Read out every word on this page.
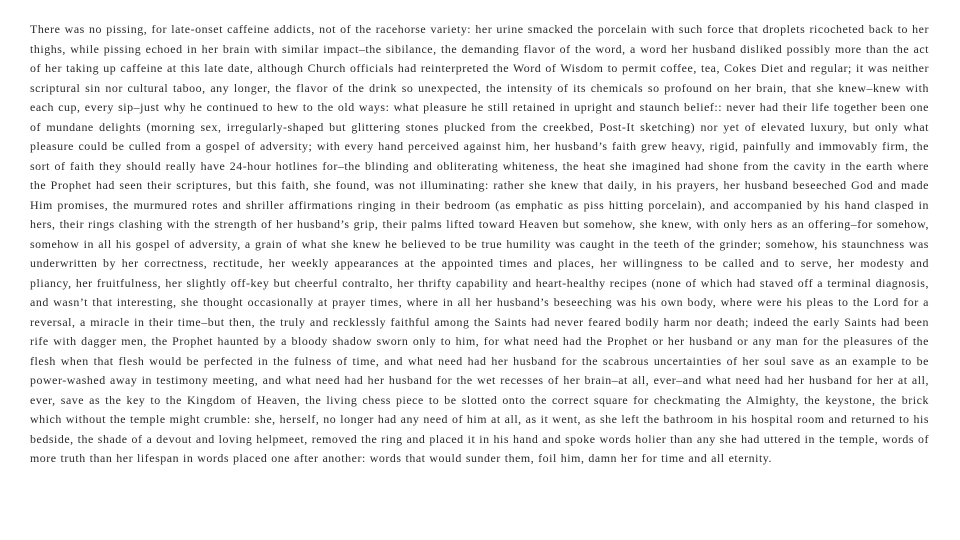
There was no pissing, for late-onset caffeine addicts, not of the racehorse variety: her urine smacked the porcelain with such force that droplets ricocheted back to her thighs, while pissing echoed in her brain with similar impact–the sibilance, the demanding flavor of the word, a word her husband disliked possibly more than the act of her taking up caffeine at this late date, although Church officials had reinterpreted the Word of Wisdom to permit coffee, tea, Cokes Diet and regular; it was neither scriptural sin nor cultural taboo, any longer, the flavor of the drink so unexpected, the intensity of its chemicals so profound on her brain, that she knew–knew with each cup, every sip–just why he continued to hew to the old ways: what pleasure he still retained in upright and staunch belief:: never had their life together been one of mundane delights (morning sex, irregularly-shaped but glittering stones plucked from the creekbed, Post-It sketching) nor yet of elevated luxury, but only what pleasure could be culled from a gospel of adversity; with every hand perceived against him, her husband’s faith grew heavy, rigid, painfully and immovably firm, the sort of faith they should really have 24-hour hotlines for–the blinding and obliterating whiteness, the heat she imagined had shone from the cavity in the earth where the Prophet had seen their scriptures, but this faith, she found, was not illuminating: rather she knew that daily, in his prayers, her husband beseeched God and made Him promises, the murmured rotes and shriller affirmations ringing in their bedroom (as emphatic as piss hitting porcelain), and accompanied by his hand clasped in hers, their rings clashing with the strength of her husband’s grip, their palms lifted toward Heaven but somehow, she knew, with only hers as an offering–for somehow, somehow in all his gospel of adversity, a grain of what she knew he believed to be true humility was caught in the teeth of the grinder; somehow, his staunchness was underwritten by her correctness, rectitude, her weekly appearances at the appointed times and places, her willingness to be called and to serve, her modesty and pliancy, her fruitfulness, her slightly off-key but cheerful contralto, her thrifty capability and heart-healthy recipes (none of which had staved off a terminal diagnosis, and wasn’t that interesting, she thought occasionally at prayer times, where in all her husband’s beseeching was his own body, where were his pleas to the Lord for a reversal, a miracle in their time–but then, the truly and recklessly faithful among the Saints had never feared bodily harm nor death; indeed the early Saints had been rife with dagger men, the Prophet haunted by a bloody shadow sworn only to him, for what need had the Prophet or her husband or any man for the pleasures of the flesh when that flesh would be perfected in the fulness of time, and what need had her husband for the scabrous uncertainties of her soul save as an example to be power-washed away in testimony meeting, and what need had her husband for the wet recesses of her brain–at all, ever–and what need had her husband for her at all, ever, save as the key to the Kingdom of Heaven, the living chess piece to be slotted onto the correct square for checkmating the Almighty, the keystone, the brick which without the temple might crumble: she, herself, no longer had any need of him at all, as it went, as she left the bathroom in his hospital room and returned to his bedside, the shade of a devout and loving helpmeet, removed the ring and placed it in his hand and spoke words holier than any she had uttered in the temple, words of more truth than her lifespan in words placed one after another: words that would sunder them, foil him, damn her for time and all eternity.
